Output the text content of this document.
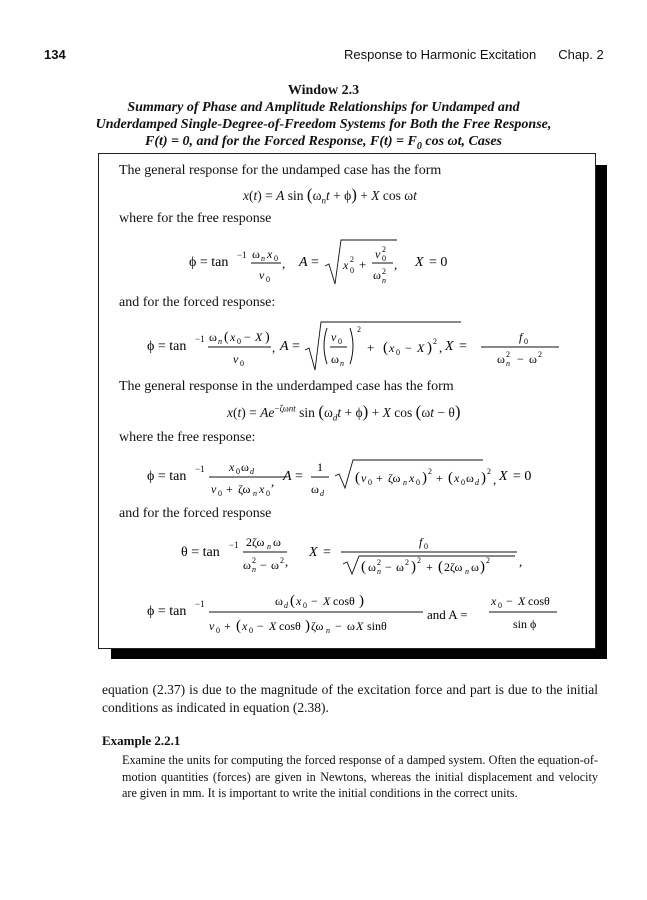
134	Response to Harmonic Excitation Chap. 2
Window 2.3
Summary of Phase and Amplitude Relationships for Undamped and
Underdamped Single-Degree-of-Freedom Systems for Both the Free Response,
F(t) = 0, and for the Forced Response, $F(t) = F_0$ cos ωt, Cases
The general response for the undamped case has the form
x(t) = A $\sin (\omega_nt + \phi) + X$ cos ωt
where for the free response
ϕ = tan −1 ω n x 0
v 0
, A = x 2
0 +
v 2
0
ω 2
n
, X = 0
and for the forced response:
ϕ = tan −1 ω n ( x 0 − X )
v 0
, A =
v 0
ω n
2
+ ( x 0 − X ) 2 , X =
f 0
ω 2
n − ω 2
The general response in the underdamped case has the form
$x(t) = Ae^{-\zeta\omega nt}$ $\sin (\omega_dt + \phi) + X$ cos (ωt − θ)
where the free response:
ϕ = tan −1 x 0 ω d
v 0 + ζω n x 0
, A =
1
ω d
( v 0 + ζω n x 0 ) 2 + ( x 0 ω d ) 2
, X = 0
and for the forced response
θ = tan −1 2ζω n ω
ω 2
n − ω 2 ,
X =
f 0
( ω 2
n − ω 2 ) 2 + ( 2ζω n ω ) 2 ,
ϕ = tan −1	ω d ( x 0 − X cosθ )
v 0 + ( x 0 − X cosθ ) ζω n − ω X sinθ
and A =
x 0 − X cosθ
sin ϕ
equation (2.37) is due to the magnitude of the excitation force and part is due to the initial conditions as indicated in equation (2.38).
Example 2.2.1
Examine the units for computing the forced response of a damped system. Often the equation-of-motion quantities (forces) are given in Newtons, whereas the initial displacement and velocity are given in mm. It is important to write the initial conditions in the correct units.
